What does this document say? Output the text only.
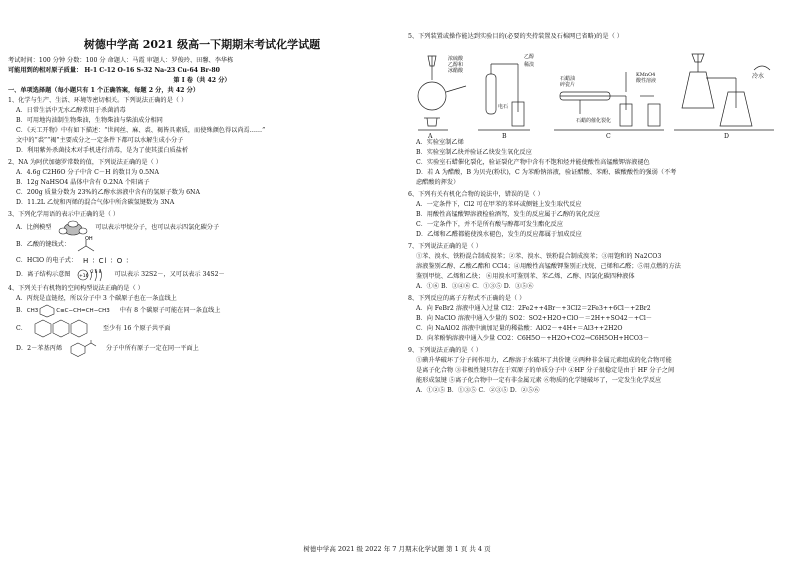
树德中学高 2021 级高一下期期末考试化学试题
考试时间：100 分钟 分数：100 分 命题人：马霞 审题人：罗俊玲、田馨、李华栋
可能用到的相对原子质量： H-1 C-12 O-16 S-32 Na-23 Cu-64 Br-80
第 I 卷（共 42 分）
一、单项选择题（每小题只有 1 个正确答案，每题 2 分，共 42 分）
1、化学与生产、生活、环境等密切相关。下列说法正确的是（ ）
A．日常生活中无水乙醇常用于杀菌消毒
B．可用地沟油制生物柴油，生物柴油与柴油成分相同
C．《天工开物》中有如下描述：“世间丝、麻、裘、褐皆具素质，而使殊颜色得以尚焉……”
文中的“裘”“褐”主要成分之一定条件下都可以水解生成小分子
D．利用紫外杀菌技术对手机进行消毒，是为了使其蛋白质盐析
2、NA 为阿伏加德罗常数的值，下列说法正确的是（ ）
A．4.6g C2H6O 分子中含 C－H 的数目为 0.5NA
B．12g NaHSO4 晶体中含有 0.2NA 个阳离子
C．200g 质量分数为 23%的乙醇水溶液中含有的氢原子数为 6NA
D．11.2L 乙烷和丙烯的混合气体中所含碳氢键数为 3NA
3、下列化学用语的表示中正确的是（ ）
A．比例模型	可以表示甲烷分子，也可以表示四氯化碳分子
B．乙酸的键线式：
OH
C．HClO 的电子式： H ∶ Cl ∶ O ∶
D．离子结构示意图 +16
2 8 8 可以表示 32S2－，又可以表示 34S2－
4、下列关于有机物的空间构型说法正确的是（ ）
A．丙烷是直链烃，所以分子中 3 个碳原子也在一条直线上
B． CH3	C≡C−CH=CH−CH3 中有 8 个碳原子可能在同一条直线上
C．	至少有 16 个原子共平面
D．2－苯基丙烯	分子中所有原子一定在同一平面上
5、下列装置或操作能达到实验目的(必要的夹持装置及石棉网已省略)的是（ ）
A．实验室制乙烯
B．实验室制乙炔并验证乙炔发生氧化反应
C．实验室石蜡催化裂化，验证裂化产物中含有不饱和烃并能使酸性高锰酸钾溶液褪色
D．若 A 为醋酸，B 为贝壳(粉状)，C 为苯酚钠溶液，验证醋酸、苯酚、碳酸酸性的强弱（不考
虑醋酸的挥发）
6、下列有关有机化合物的说法中，错误的是（ ）
A．一定条件下，Cl2 可在甲苯的苯环或侧链上发生取代反应
B．用酸性高锰酸钾溶液检验酒驾，发生的反应属于乙醇的氧化反应
C．一定条件下，并不是所有酸与醇都可发生酯化反应
D．乙烯和乙醛都能使溴水褪色，发生的反应都属于加成反应
7、下列说法正确的是（ ）
①苯、溴水、铁粉混合制成溴苯；②苯、溴水、铁粉混合制成溴苯；③用饱和的 Na2CO3
溶液鉴别乙醇、乙酸乙酯和 CCl4；④用酸性高锰酸钾鉴别正戊烷、己烯和乙醛；⑤用点燃的方法
鉴别甲烷、乙烯和乙炔； ⑥用溴水可鉴别苯、苯乙烯、乙醇、四氯化碳四种液体
A．①⑥ B．③④⑥ C．①③⑤ D．③⑤⑥
8、下列反应的离子方程式不正确的是（ ）
A．向 FeBr2 溶液中通入过量 Cl2：2Fe2++4Br－+3Cl2＝2Fe3++6Cl－+2Br2
B．向 NaClO 溶液中通入少量的 SO2：SO2+H2O+ClO－＝2H++SO42－+Cl－
C．向 NaAlO2 溶液中滴加足量的稀盐酸：AlO2－+4H+＝Al3++2H2O
D．向苯酚钠溶液中通入少量 CO2：C6H5O－+H2O+CO2→C6H5OH+HCO3－
9、下列说法正确的是（ ）
①碘升华破坏了分子间作用力，乙醇溶于水破坏了共价键 ②两种非金属元素组成的化合物可能
是离子化合物 ③非极性键只存在于双原子的单质分子中 ④HF 分子很稳定是由于 HF 分子之间
能形成氢键 ⑤离子化合物中一定有非金属元素 ⑥物质的化学键破坏了，一定发生化学反应
A．①②⑤ B．①③⑤ C．②③⑤ D．②⑤⑥
浓硫酸
乙醇和
冰醋酸
乙醇
稀溴
电石
石蜡油
碎瓷片
KMnO4
酸性溶液
冷水
石蜡的催化裂化
A	B	C	D
树德中学高 2021 级 2022 年 7 月期末化学试题 第 1 页 共 4 页
